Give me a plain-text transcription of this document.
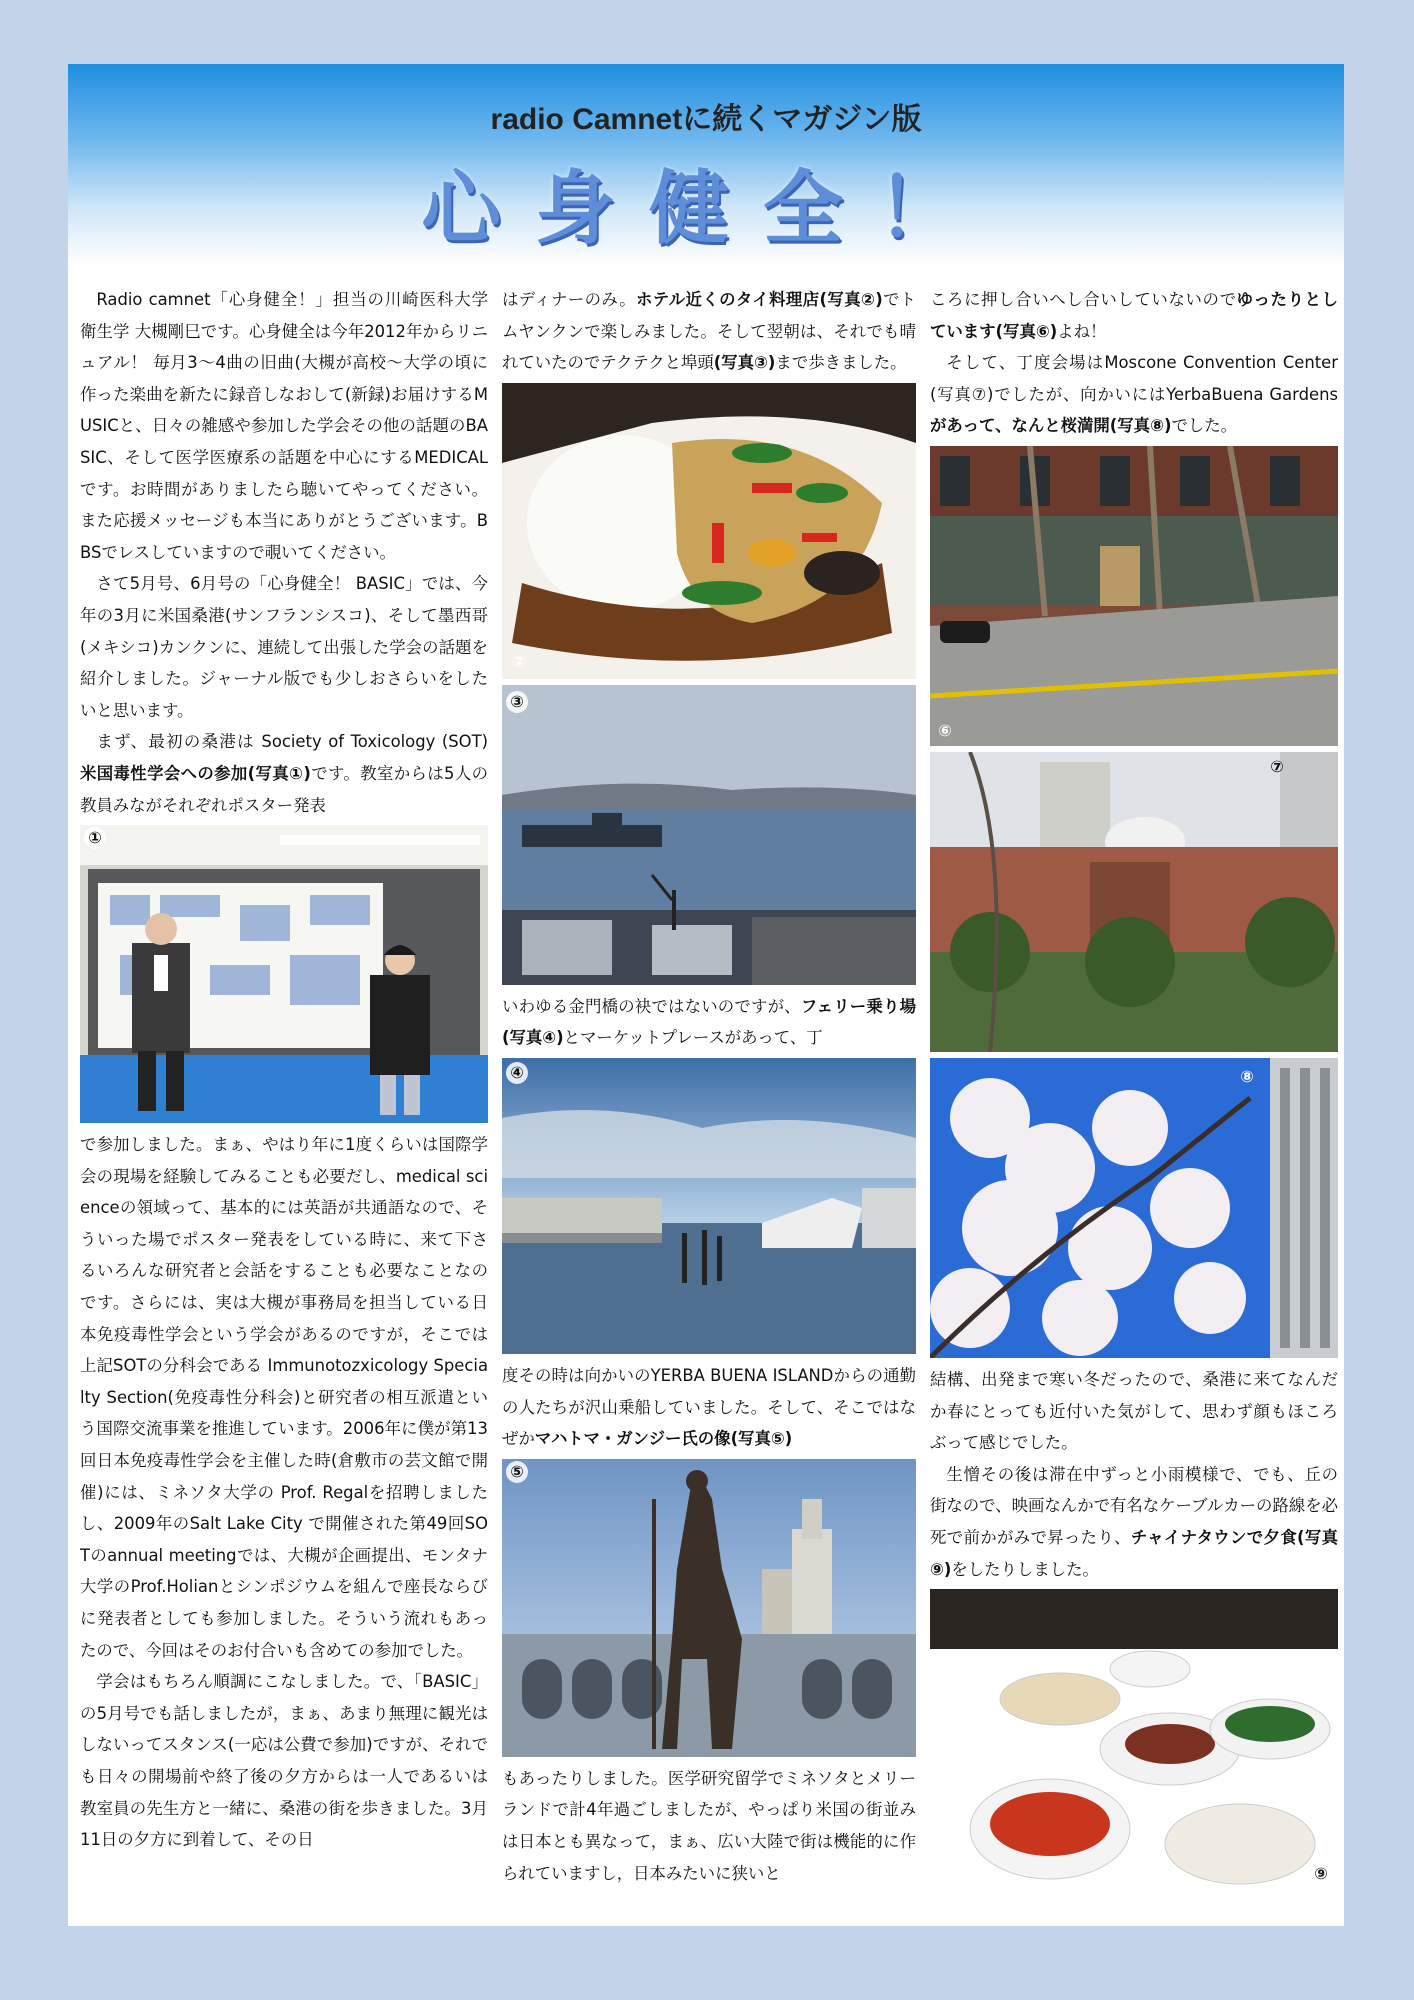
radio Camnetに続くマガジン版
心身健全！

Radio camnet「心身健全！」担当の川崎医科大学 衛生学 大槻剛巳です。心身健全は今年2012年からリニュアル！ 毎月3～4曲の旧曲(大槻が高校～大学の頃に作った楽曲を新たに録音しなおして(新録)お届けするMUSICと、日々の雑感や参加した学会その他の話題のBASIC、そして医学医療系の話題を中心にするMEDICALです。お時間がありましたら聴いてやってください。また応援メッセージも本当にありがとうございます。BBSでレスしていますので覗いてください。

さて5月号、6月号の「心身健全！ BASIC」では、今年の3月に米国桑港(サンフランシスコ)、そして墨西哥(メキシコ)カンクンに、連続して出張した学会の話題を紹介しました。ジャーナル版でも少しおさらいをしたいと思います。

まず、最初の桑港は Society of Toxicology (SOT) 米国毒性学会への参加(写真①)です。教室からは5人の教員みながそれぞれポスター発表

①

で参加しました。まぁ、やはり年に1度くらいは国際学会の現場を経験してみることも必要だし、medical scienceの領域って、基本的には英語が共通語なので、そういった場でポスター発表をしている時に、来て下さるいろんな研究者と会話をすることも必要なことなのです。さらには、実は大槻が事務局を担当している日本免疫毒性学会という学会があるのですが，そこでは上記SOTの分科会である Immunotozxicology Specialty Section(免疫毒性分科会)と研究者の相互派遣という国際交流事業を推進しています。2006年に僕が第13回日本免疫毒性学会を主催した時(倉敷市の芸文館で開催)には、ミネソタ大学の Prof. Regalを招聘しましたし、2009年のSalt Lake City で開催された第49回SOTのannual meetingでは、大槻が企画提出、モンタナ大学のProf.Holianとシンポジウムを組んで座長ならびに発表者としても参加しました。そういう流れもあったので、今回はそのお付合いも含めての参加でした。

学会はもちろん順調にこなしました。で、「BASIC」の5月号でも話しましたが，まぁ、あまり無理に観光はしないってスタンス(一応は公費で参加)ですが、それでも日々の開場前や終了後の夕方からは一人であるいは教室員の先生方と一緒に、桑港の街を歩きました。3月11日の夕方に到着して、その日

はディナーのみ。ホテル近くのタイ料理店(写真②)でトムヤンクンで楽しみました。そして翌朝は、それでも晴れていたのでテクテクと埠頭(写真③)まで歩きました。

②
③

いわゆる金門橋の袂ではないのですが、フェリー乗り場(写真④)とマーケットプレースがあって、丁

④

度その時は向かいのYERBA BUENA ISLANDからの通勤の人たちが沢山乗船していました。そして、そこではなぜかマハトマ・ガンジー氏の像(写真⑤)

⑤

もあったりしました。医学研究留学でミネソタとメリーランドで計4年過ごしましたが、やっぱり米国の街並みは日本とも異なって，まぁ、広い大陸で街は機能的に作られていますし，日本みたいに狭いと

ころに押し合いへし合いしていないのでゆったりとしています(写真⑥)よね！

そして、丁度会場はMoscone Convention Center(写真⑦)でしたが、向かいにはYerbaBuena Gardensがあって、なんと桜満開(写真⑧)でした。

⑥
⑦
⑧

結構、出発まで寒い冬だったので、桑港に来てなんだか春にとっても近付いた気がして、思わず顔もほころぶって感じでした。

生憎その後は滞在中ずっと小雨模様で、でも、丘の街なので、映画なんかで有名なケーブルカーの路線を必死で前かがみで昇ったり、チャイナタウンで夕食(写真⑨)をしたりしました。

⑨
